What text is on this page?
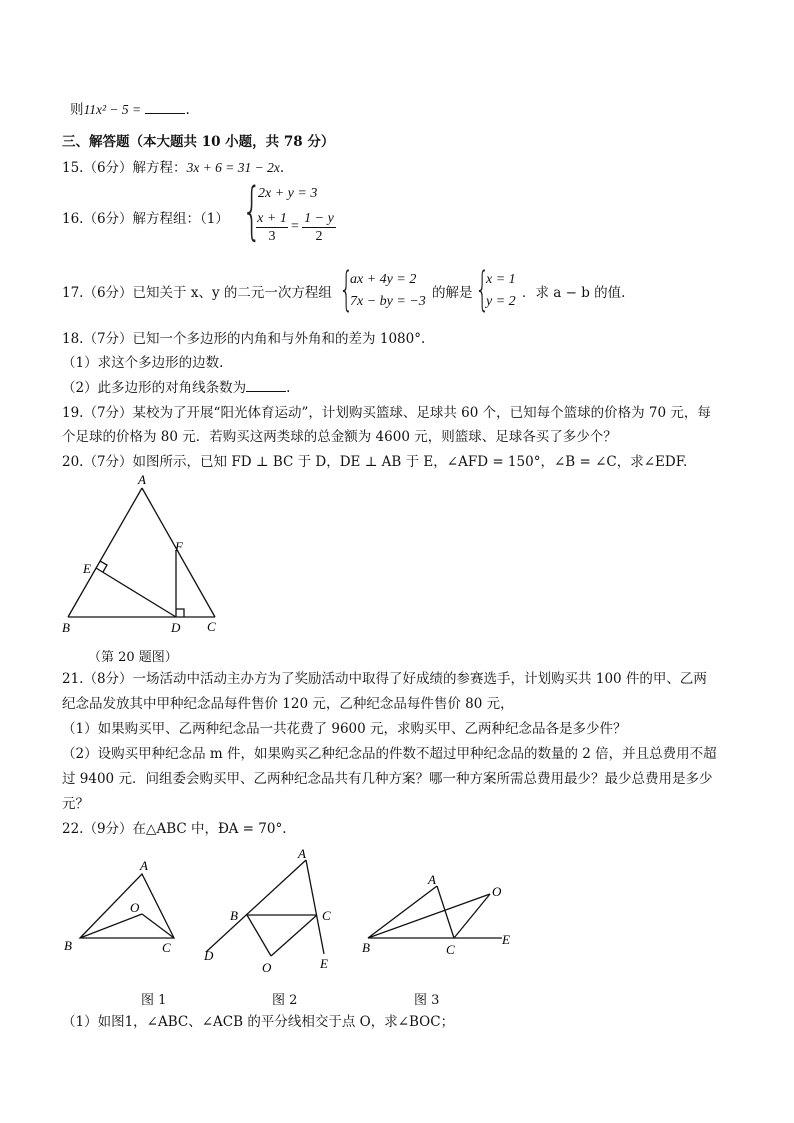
则11x² − 5 =	.
三、解答题（本大题共 10 小题，共 78 分）
15.（6分）解方程：3x + 6 = 31 − 2x.
16.（6分）解方程组：（1） {
2x + y = 3
x + 1
3
=
1 − y
2
17.（6分）已知关于 x、y 的二元一次方程组 {
ax + 4y = 2
7x − by = −3
的解是 {
x = 1
y = 2
．求 a − b 的值.
18.（7分）已知一个多边形的内角和与外角和的差为 1080°.
（1）求这个多边形的边数.
（2）此多边形的对角线条数为	.
19.（7分）某校为了开展“阳光体育运动”，计划购买篮球、足球共 60 个，已知每个篮球的价格为 70 元，每
个足球的价格为 80 元．若购买这两类球的总金额为 4600 元，则篮球、足球各买了多少个？
20.（7分）如图所示，已知 FD ⊥ BC 于 D，DE ⊥ AB 于 E，∠AFD = 150°，∠B = ∠C，求∠EDF.
A
B	C
D
E
F
（第 20 题图）
21.（8分）一场活动中活动主办方为了奖励活动中取得了好成绩的参赛选手，计划购买共 100 件的甲、乙两
纪念品发放其中甲种纪念品每件售价 120 元，乙种纪念品每件售价 80 元，
（1）如果购买甲、乙两种纪念品一共花费了 9600 元，求购买甲、乙两种纪念品各是多少件？
（2）设购买甲种纪念品 m 件，如果购买乙种纪念品的件数不超过甲种纪念品的数量的 2 倍，并且总费用不超
过 9400 元．问组委会购买甲、乙两种纪念品共有几种方案？哪一种方案所需总费用最少？最少总费用是多少
元？
22.（9分）在△ABC 中，ÐA = 70°.
A
O
B	C
A
B	C
D
O	E
A
O
B	C
E
图 1	图 2	图 3
（1）如图1，∠ABC、∠ACB 的平分线相交于点 O，求∠BOC；
